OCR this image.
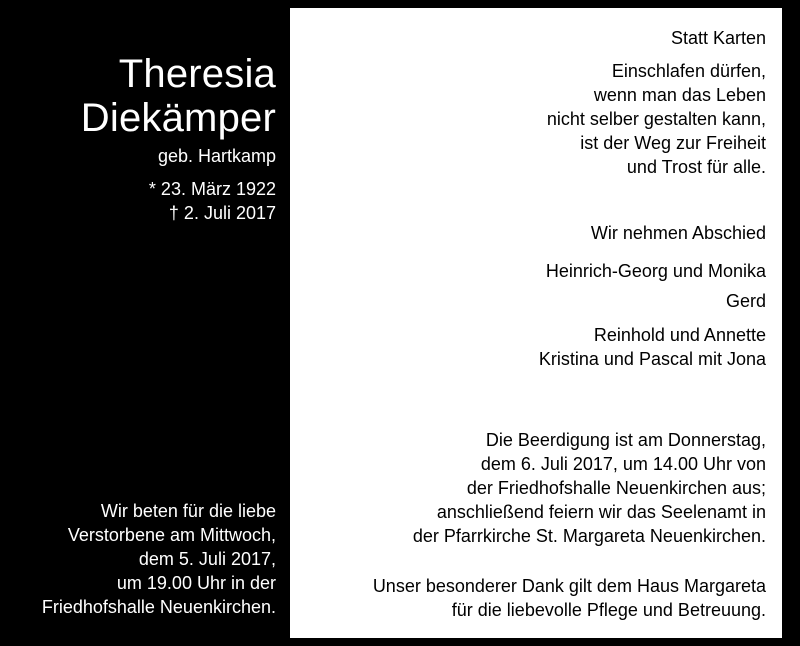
Theresia
Diekämper
geb. Hartkamp
* 23. März 1922
† 2. Juli 2017
Wir beten für die liebe
Verstorbene am Mittwoch,
dem 5. Juli 2017,
um 19.00 Uhr in der
Friedhofshalle Neuenkirchen.
Statt Karten
Einschlafen dürfen,
wenn man das Leben
nicht selber gestalten kann,
ist der Weg zur Freiheit
und Trost für alle.
Wir nehmen Abschied
Heinrich-Georg und Monika
Gerd
Reinhold und Annette
Kristina und Pascal mit Jona
Die Beerdigung ist am Donnerstag,
dem 6. Juli 2017, um 14.00 Uhr von
der Friedhofshalle Neuenkirchen aus;
anschließend feiern wir das Seelenamt in
der Pfarrkirche St. Margareta Neuenkirchen.
Unser besonderer Dank gilt dem Haus Margareta
für die liebevolle Pflege und Betreuung.
